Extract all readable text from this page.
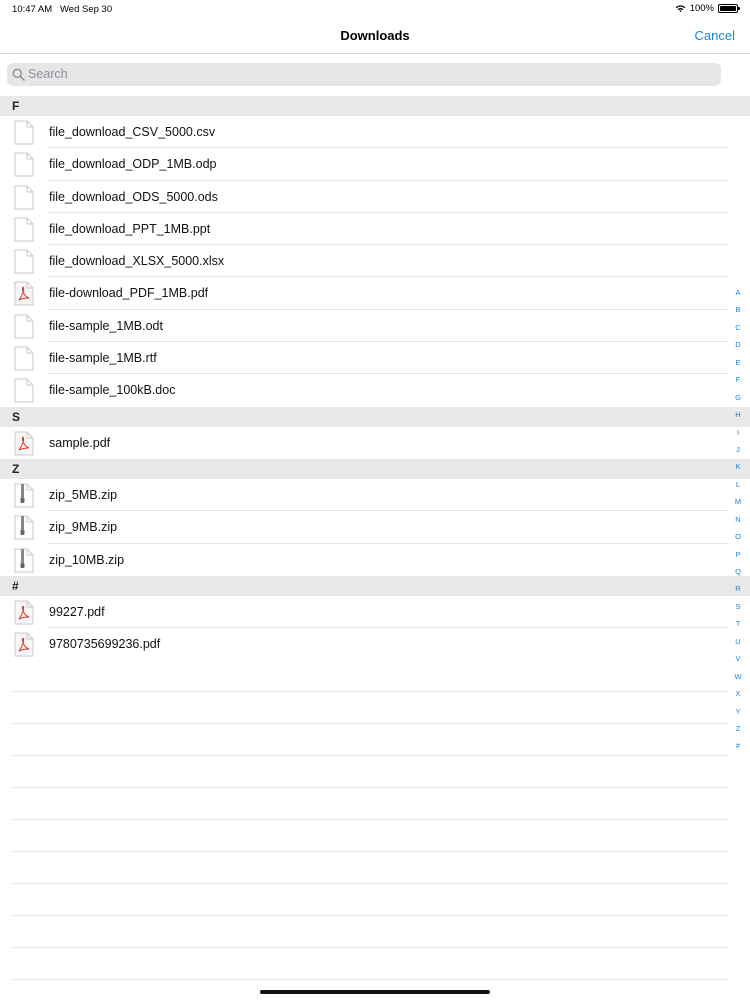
10:47 AM Wed Sep 30	100%
Downloads	Cancel
Search
F
file_download_CSV_5000.csv
file_download_ODP_1MB.odp
file_download_ODS_5000.ods
file_download_PPT_1MB.ppt
file_download_XLSX_5000.xlsx
file-download_PDF_1MB.pdf
file-sample_1MB.odt
file-sample_1MB.rtf
file-sample_100kB.doc
S
sample.pdf
Z
zip_5MB.zip
zip_9MB.zip
zip_10MB.zip
#
99227.pdf
9780735699236.pdf
A
B
C
D
E
F
G
H
I
J
K
L
M
N
O
P
Q
R
S
T
U
V
W
X
Y
Z
#
